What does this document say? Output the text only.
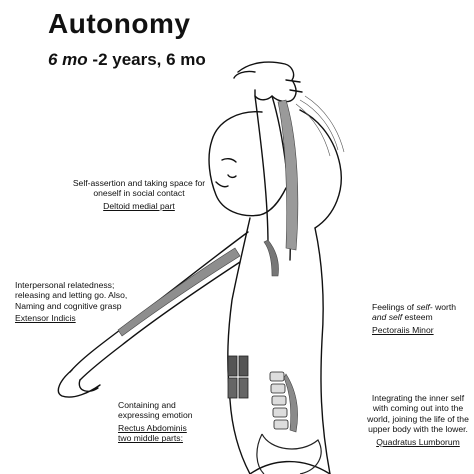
Autonomy
6 mo -2 years, 6 mo
Self-assertion and taking space for oneself in social contact
Deltoid medial part
Interpersonal relatedness; releasing and letting go. Also, Naming and cognitive grasp
Extensor Indicis
Feelings of self- worth and self esteem
Pectoraiis Minor
Containing and expressing emotion
Rectus Abdominis
two middle parts:
Integrating the inner self with coming out into the world, joining the life of the upper body with the lower.
Quadratus Lumborum
